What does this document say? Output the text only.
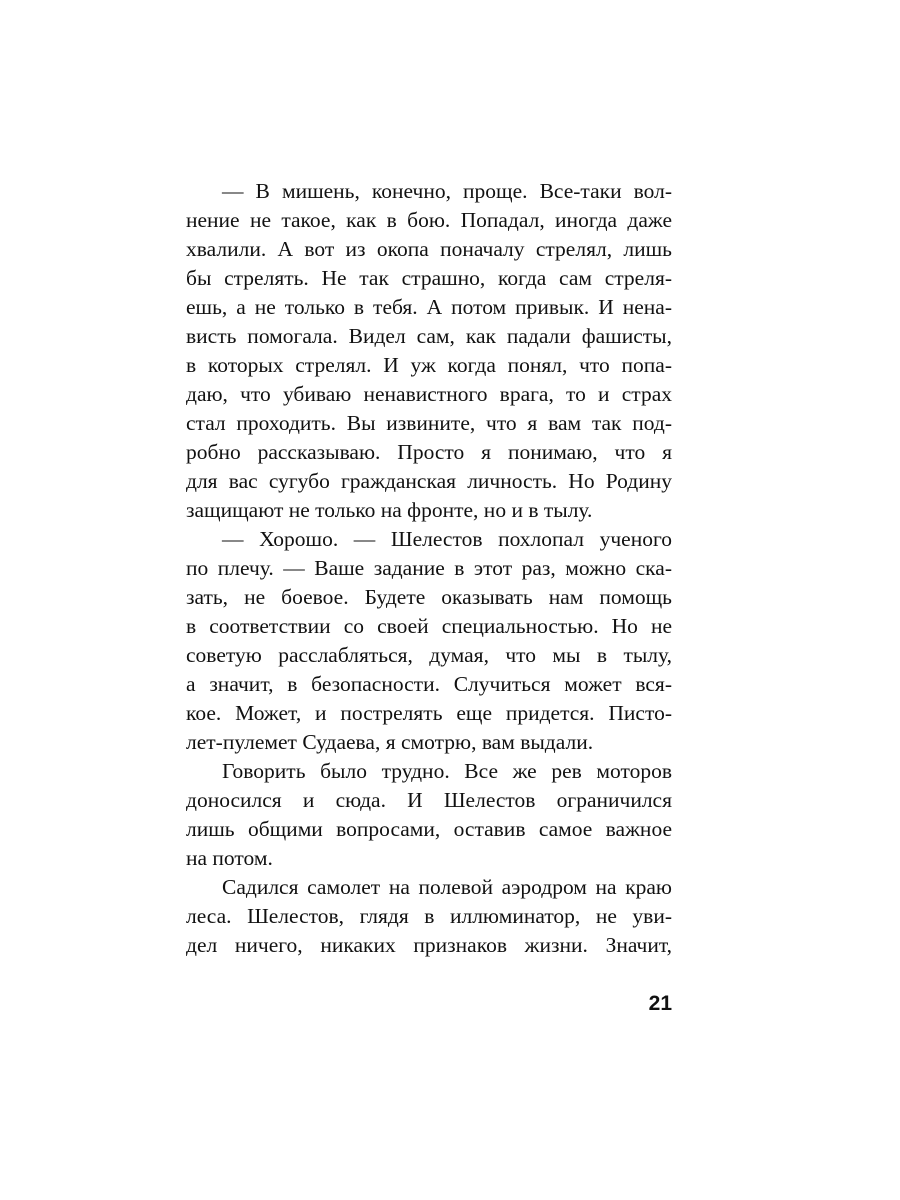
— В мишень, конечно, проще. Все-таки вол-
нение не такое, как в бою. Попадал, иногда даже
хвалили. А вот из окопа поначалу стрелял, лишь
бы стрелять. Не так страшно, когда сам стреля-
ешь, а не только в тебя. А потом привык. И нена-
висть помогала. Видел сам, как падали фашисты,
в которых стрелял. И уж когда понял, что попа-
даю, что убиваю ненавистного врага, то и страх
стал проходить. Вы извините, что я вам так под-
робно рассказываю. Просто я понимаю, что я
для вас сугубо гражданская личность. Но Родину
защищают не только на фронте, но и в тылу.
— Хорошо. — Шелестов похлопал ученого
по плечу. — Ваше задание в этот раз, можно ска-
зать, не боевое. Будете оказывать нам помощь
в соответствии со своей специальностью. Но не
советую расслабляться, думая, что мы в тылу,
а значит, в безопасности. Случиться может вся-
кое. Может, и пострелять еще придется. Писто-
лет-пулемет Судаева, я смотрю, вам выдали.
Говорить было трудно. Все же рев моторов
доносился и сюда. И Шелестов ограничился
лишь общими вопросами, оставив самое важное
на потом.
Садился самолет на полевой аэродром на краю
леса. Шелестов, глядя в иллюминатор, не уви-
дел ничего, никаких признаков жизни. Значит,
21
